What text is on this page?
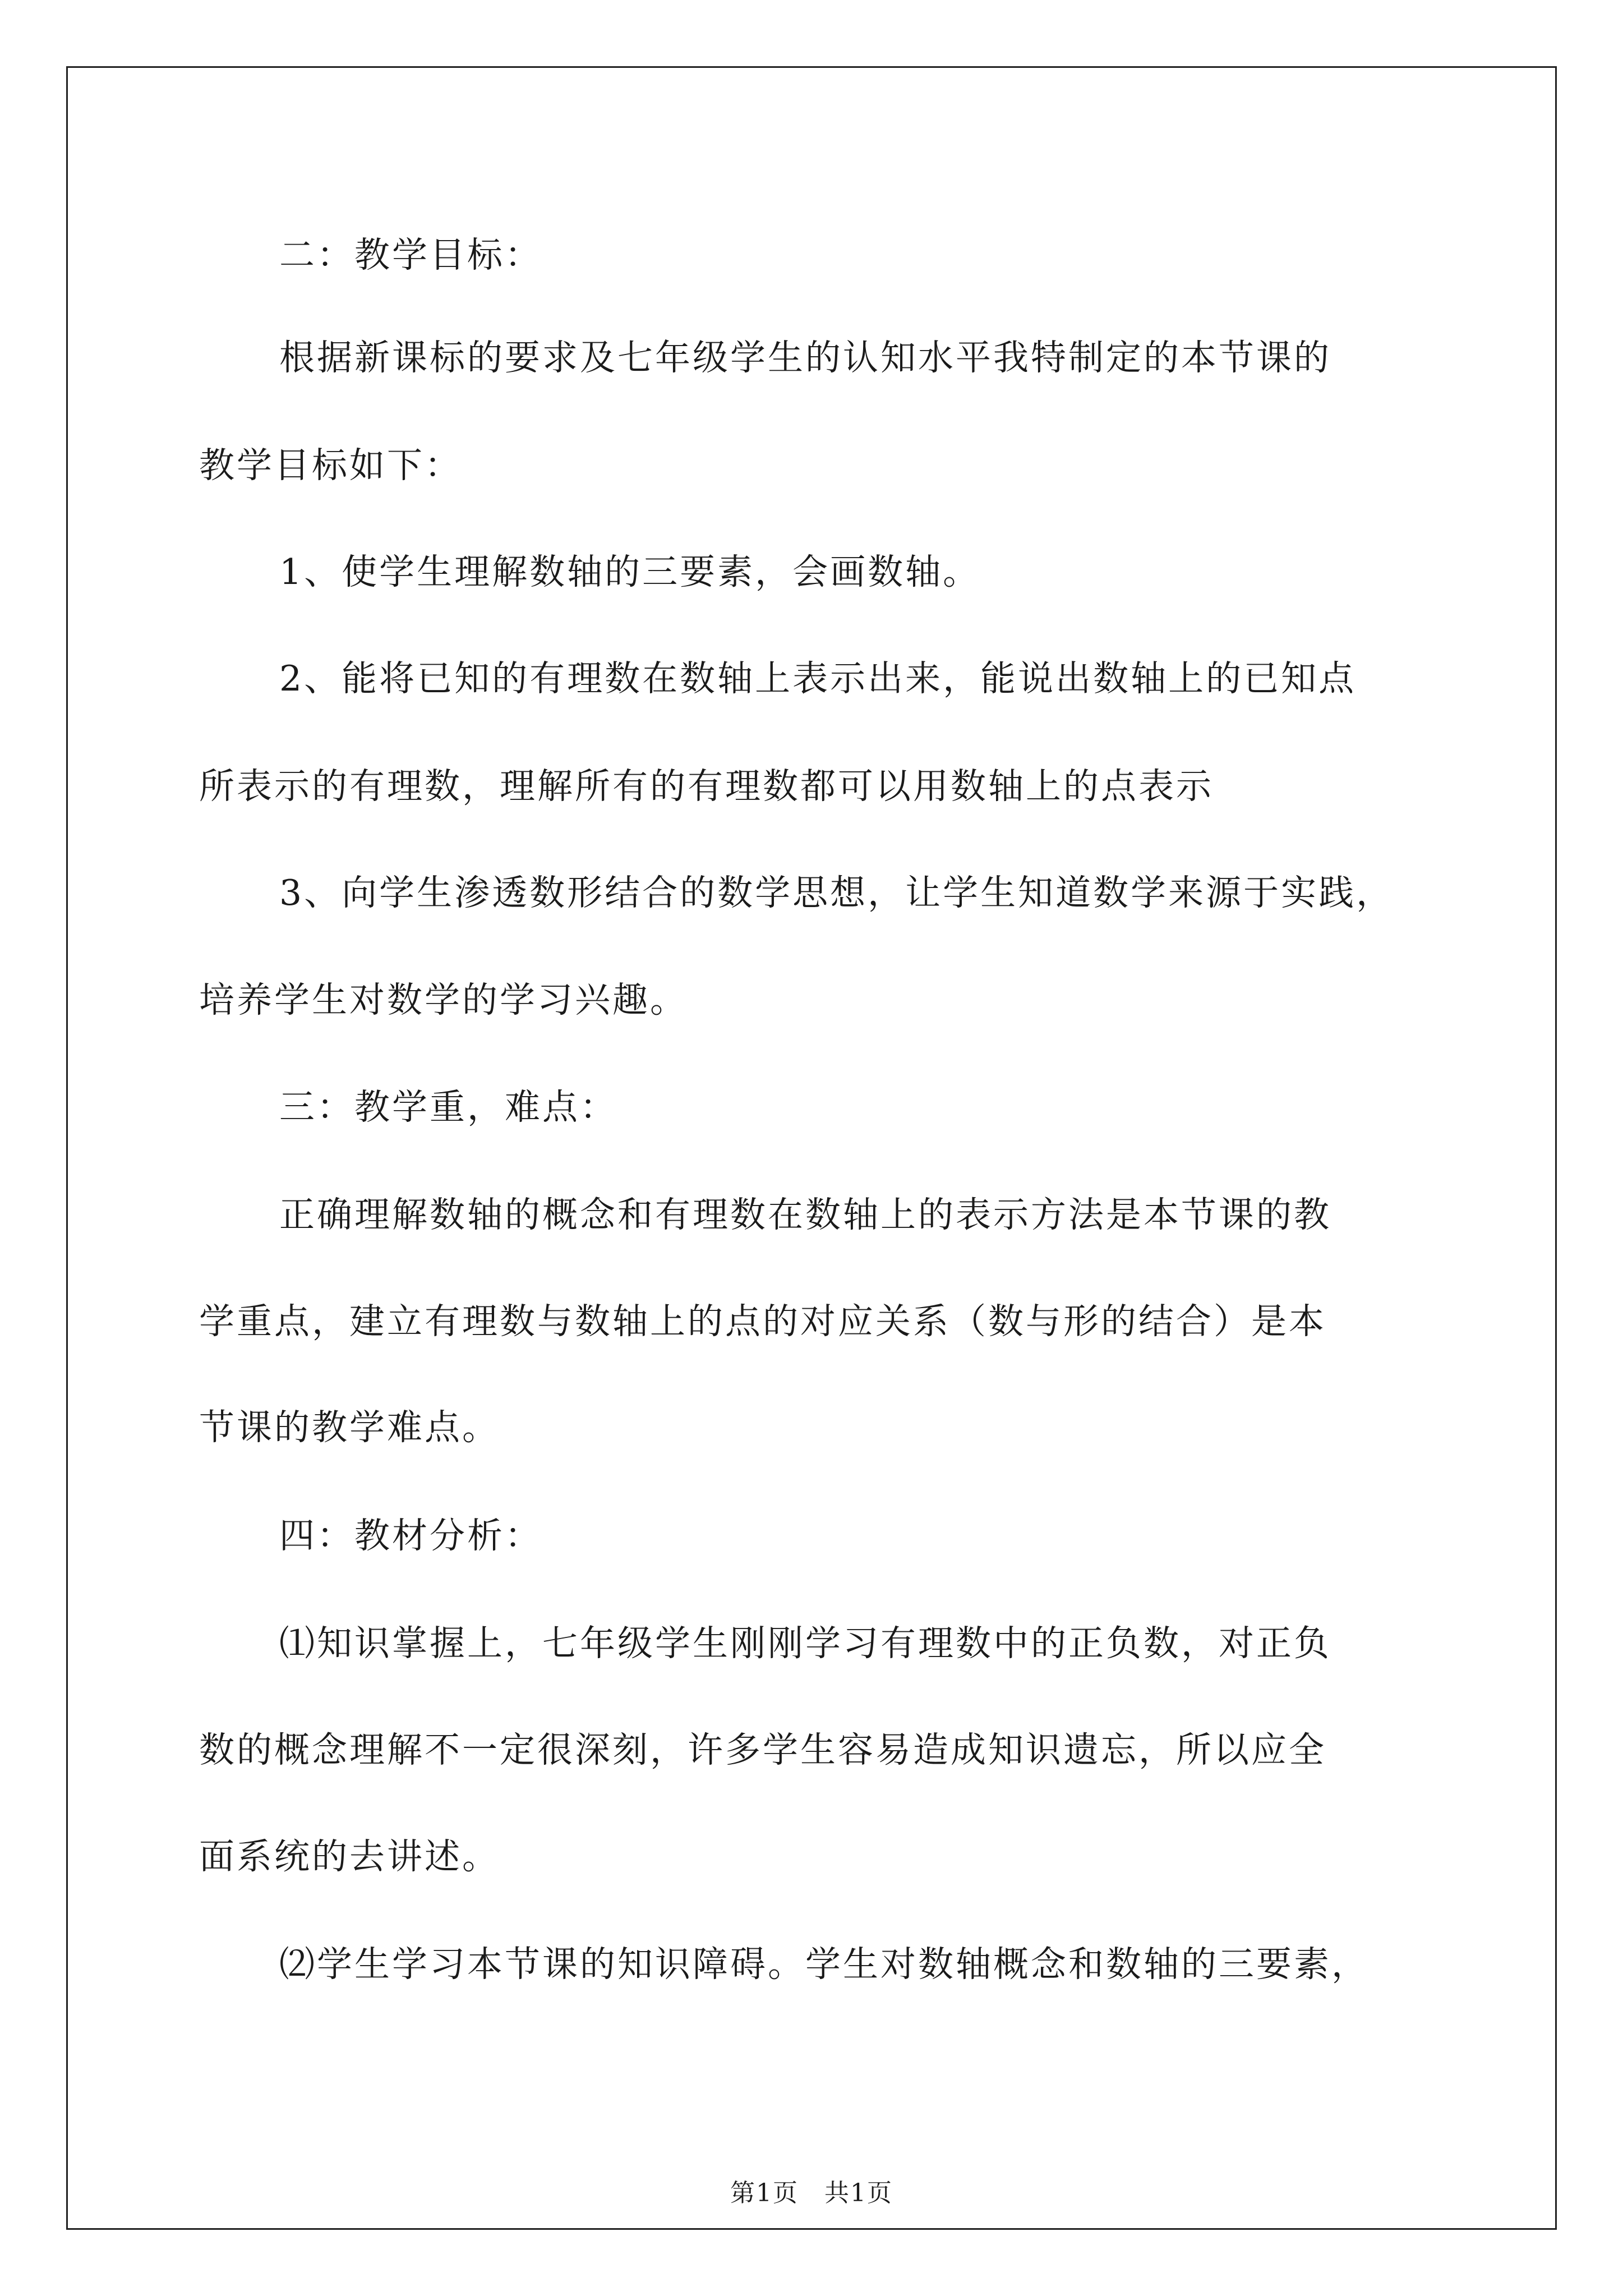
二：教学目标：
根据新课标的要求及七年级学生的认知水平我特制定的本节课的
教学目标如下：
1、使学生理解数轴的三要素，会画数轴。
2、能将已知的有理数在数轴上表示出来，能说出数轴上的已知点
所表示的有理数，理解所有的有理数都可以用数轴上的点表示
3、向学生渗透数形结合的数学思想，让学生知道数学来源于实践，
培养学生对数学的学习兴趣。
三：教学重，难点：
正确理解数轴的概念和有理数在数轴上的表示方法是本节课的教
学重点，建立有理数与数轴上的点的对应关系（数与形的结合）是本
节课的教学难点。
四：教材分析：
⑴知识掌握上，七年级学生刚刚学习有理数中的正负数，对正负
数的概念理解不一定很深刻，许多学生容易造成知识遗忘，所以应全
面系统的去讲述。
⑵学生学习本节课的知识障碍。学生对数轴概念和数轴的三要素，
第1页　共1页
